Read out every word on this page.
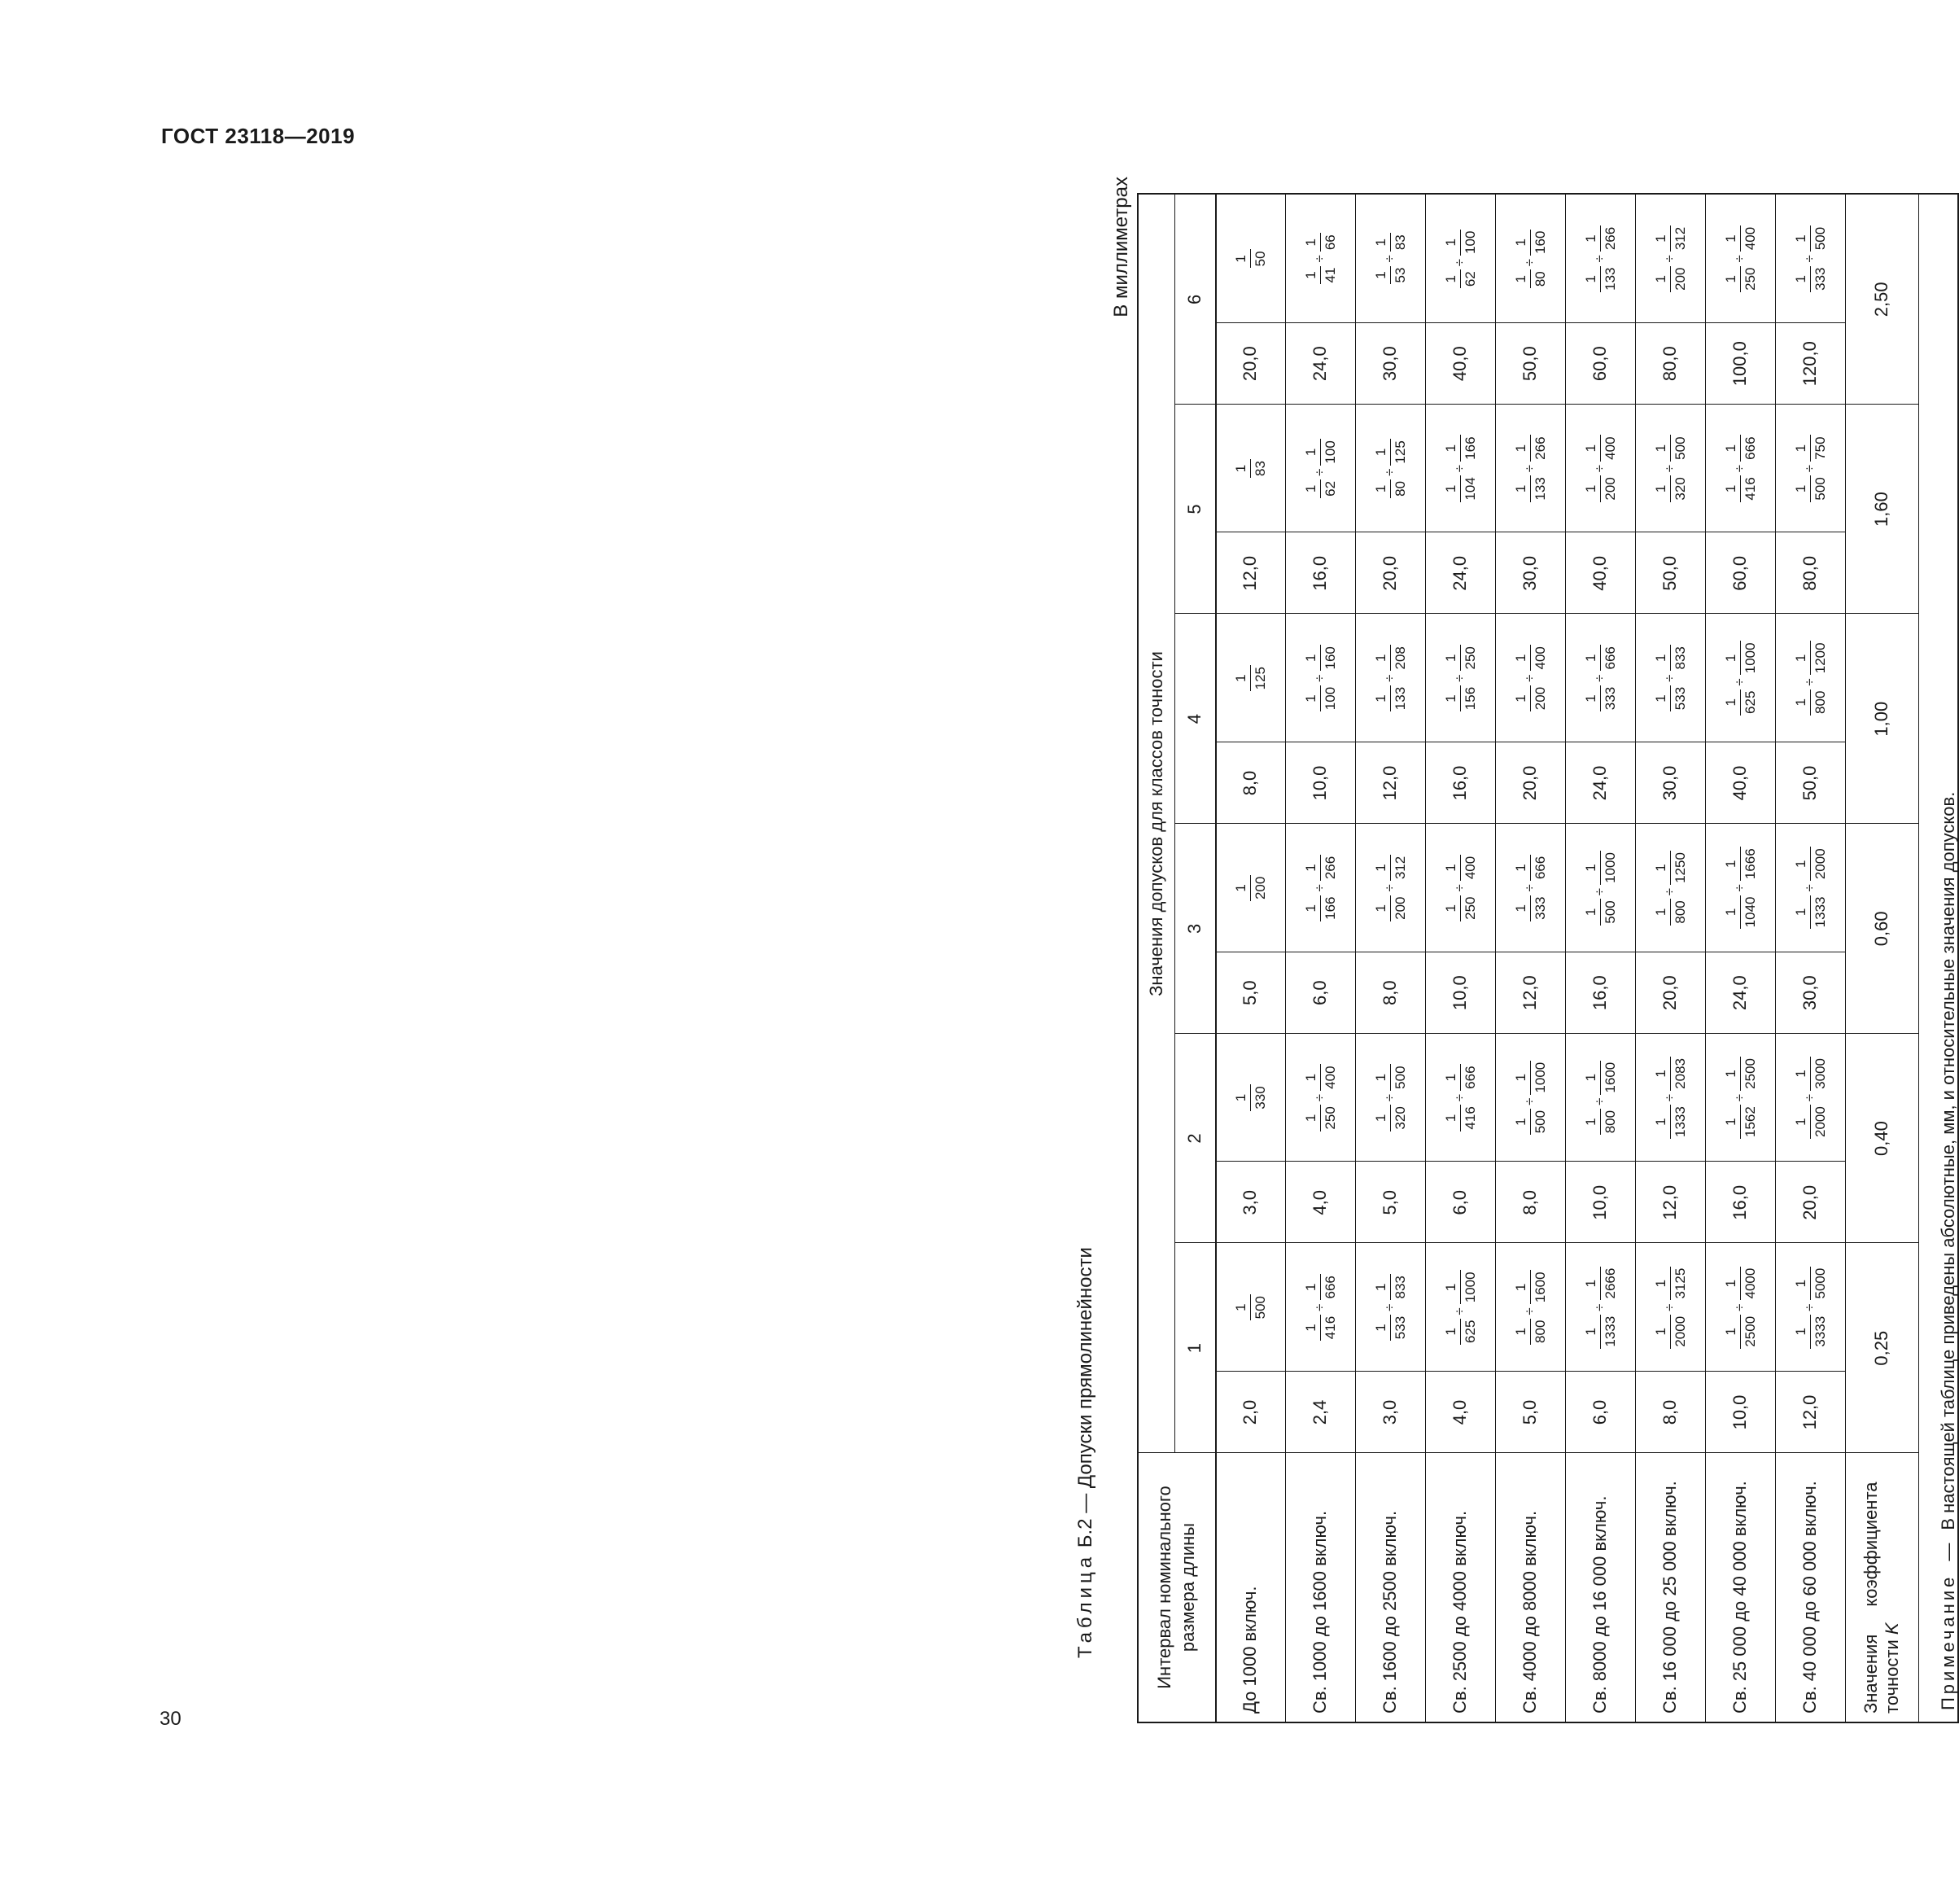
ГОСТ 23118—2019
Таблица Б.2 — Допуски прямолинейности
В миллиметрах
Интервал номинального размера длины
Значения допусков для классов точности
1
2
3
4
5
6
До 1000 включ.
2,0
1 500
3,0
1 330
5,0
1 200
8,0
1 125
12,0
1 83
20,0
1 50
Св. 1000 до 1600 включ.
2,4
1 416
÷
1 666
4,0
1 250
÷
1 400
6,0
1 166
÷
1 266
10,0
1 100
÷
1 160
16,0
1 62
÷
1 100
24,0
1 41
÷
1 66
Св. 1600 до 2500 включ.
3,0
1 533
÷
1 833
5,0
1 320
÷
1 500
8,0
1 200
÷
1 312
12,0
1 133
÷
1 208
20,0
1 80
÷
1 125
30,0
1 53
÷
1 83
Св. 2500 до 4000 включ.
4,0
1 625
÷
1 1000
6,0
1 416
÷
1 666
10,0
1 250
÷
1 400
16,0
1 156
÷
1 250
24,0
1 104
÷
1 166
40,0
1 62
÷
1 100
Св. 4000 до 8000 включ.
5,0
1 800
÷
1 1600
8,0
1 500
÷
1 1000
12,0
1 333
÷
1 666
20,0
1 200
÷
1 400
30,0
1 133
÷
1 266
50,0
1 80
÷
1 160
Св. 8000 до 16 000 включ.
6,0
1 1333
÷
1 2666
10,0
1 800
÷
1 1600
16,0
1 500
÷
1 1000
24,0
1 333
÷
1 666
40,0
1 200
÷
1 400
60,0
1 133
÷
1 266
Св. 16 000 до 25 000 включ.
8,0
1 2000
÷
1 3125
12,0
1 1333
÷
1 2083
20,0
1 800
÷
1 1250
30,0
1 533
÷
1 833
50,0
1 320
÷
1 500
80,0
1 200
÷
1 312
Св. 25 000 до 40 000 включ.
10,0
1 2500
÷
1 4000
16,0
1 1562
÷
1 2500
24,0
1 1040
÷
1 1666
40,0
1 625
÷
1 1000
60,0
1 416
÷
1 666
100,0
1 250
÷
1 400
Св. 40 000 до 60 000 включ.
12,0
1 3333
÷
1 5000
20,0
1 2000
÷
1 3000
30,0
1 1333
÷
1 2000
50,0
1 800
÷
1 1200
80,0
1 500
÷
1 750
120,0
1 333
÷
1 500
Значения коэффициента точности K
0,25
0,40
0,60
1,00
1,60
2,50
Примечание—В настоящей таблице приведены абсолютные, мм, и относительные значения допусков.
30
